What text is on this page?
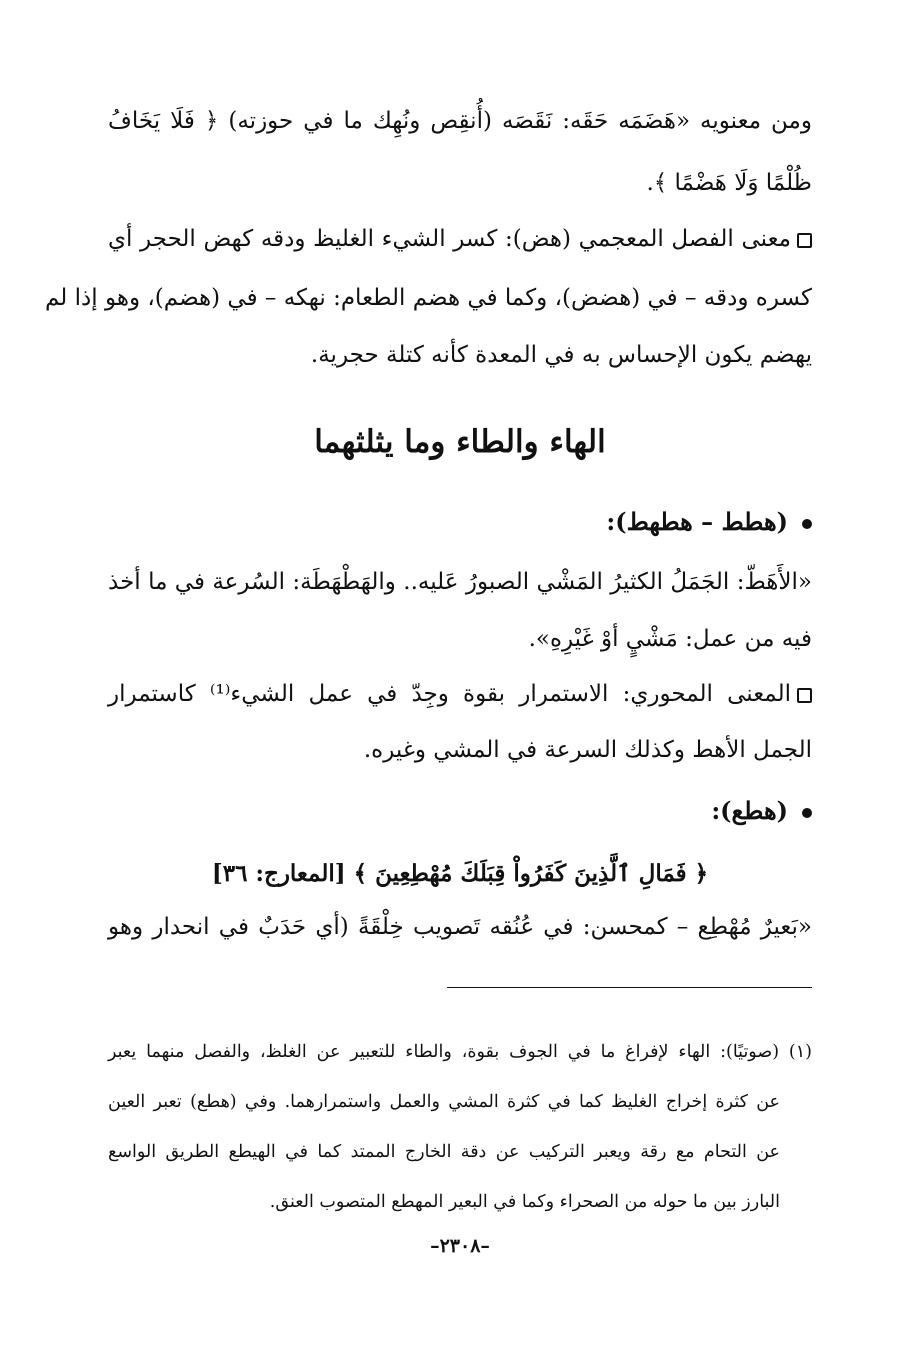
ومن معنويه «هَضَمَه حَقَه: نَقَصَه (أُنقِص ونُهِك ما في حوزته) ﴿ فَلَا يَخَافُ
ظُلْمًا وَلَا هَضْمًا ﴾.
معنى الفصل المعجمي (هض): كسر الشيء الغليظ ودقه كهض الحجر أي
كسره ودقه – في (هضض)، وكما في هضم الطعام: نهكه – في (هضم)، وهو إذا لم
يهضم يكون الإحساس به في المعدة كأنه كتلة حجرية.
الهاء والطاء وما يثلثهما
(هطط – هطهط):
«الأَهَطّ: الجَمَلُ الكثيرُ المَشْي الصبورُ عَليه.. والهَطْهَطَة: السُرعة في ما أخذ
فيه من عمل: مَشْيٍ أوْ غَيْرِهِ».
المعنى المحوري: الاستمرار بقوة وجِدّ في عمل الشيء⁽¹⁾ كاستمرار
الجمل الأهط وكذلك السرعة في المشي وغيره.
(هطع):
﴿ فَمَالِ ٱلَّذِينَ كَفَرُواْ قِبَلَكَ مُهْطِعِينَ ﴾ [المعارج: ٣٦]
«بَعيرٌ مُهْطِع – كمحسن: في عُنُقه تَصويب خِلْقَةً (أي حَدَبٌ في انحدار وهو
(١) (صوتيًا): الهاء لإفراغ ما في الجوف بقوة، والطاء للتعبير عن الغلظ، والفصل منهما يعبر
عن كثرة إخراج الغليظ كما في كثرة المشي والعمل واستمرارهما. وفي (هطع) تعبر العين
عن التحام مع رقة ويعبر التركيب عن دقة الخارج الممتد كما في الهيطع الطريق الواسع
البارز بين ما حوله من الصحراء وكما في البعير المهطع المتصوب العنق.
–٢٣٠٨–
